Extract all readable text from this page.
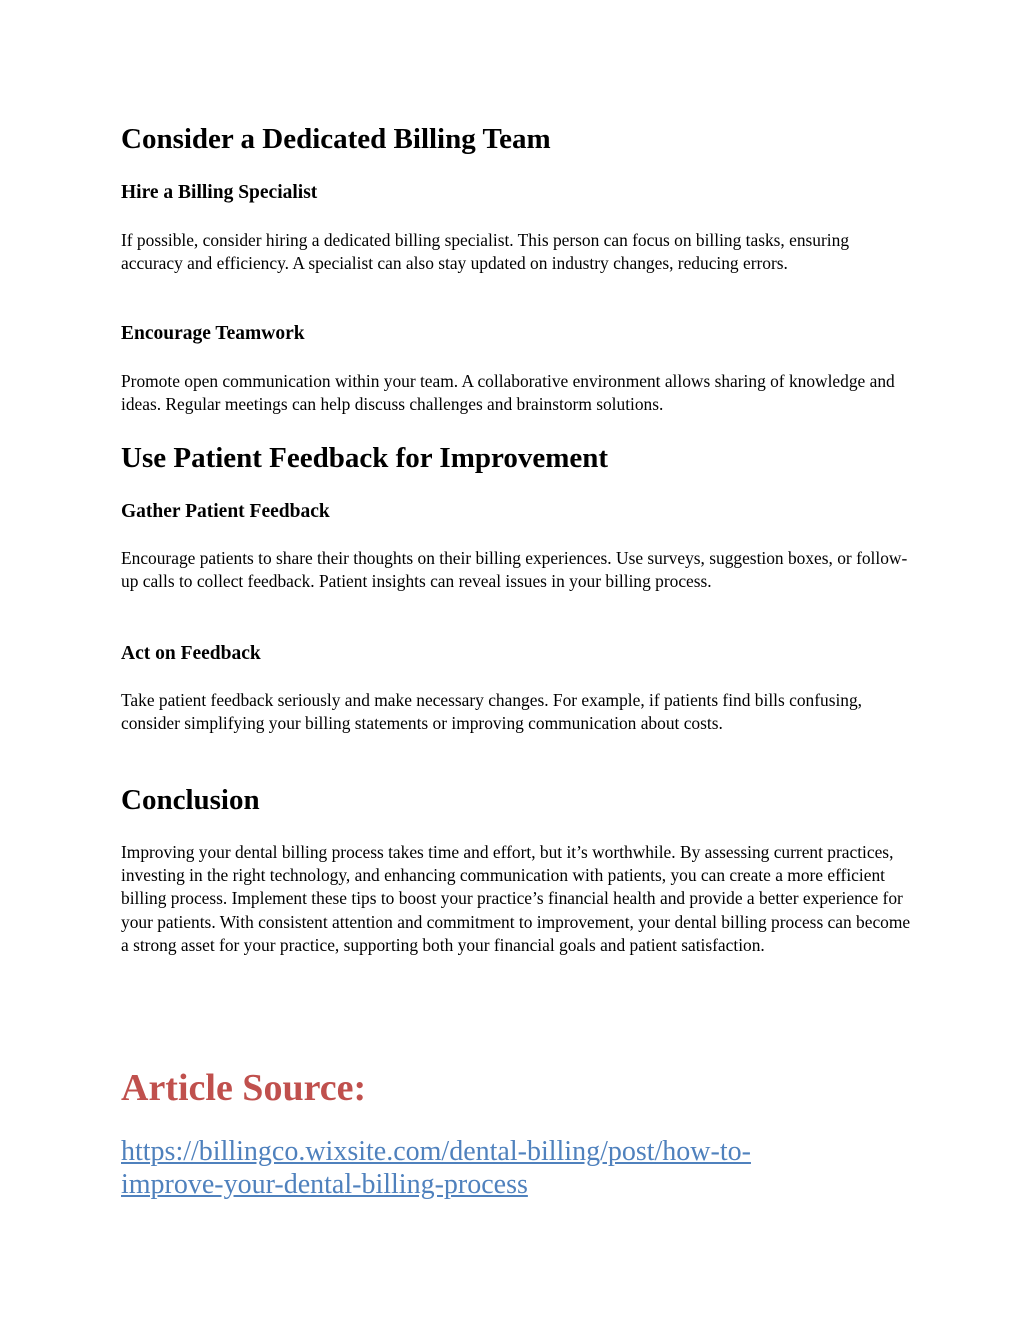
Consider a Dedicated Billing Team
Hire a Billing Specialist

If possible, consider hiring a dedicated billing specialist. This person can focus on billing tasks, ensuring accuracy and efficiency. A specialist can also stay updated on industry changes, reducing errors.

Encourage Teamwork

Promote open communication within your team. A collaborative environment allows sharing of knowledge and ideas. Regular meetings can help discuss challenges and brainstorm solutions.

Use Patient Feedback for Improvement
Gather Patient Feedback

Encourage patients to share their thoughts on their billing experiences. Use surveys, suggestion boxes, or follow-up calls to collect feedback. Patient insights can reveal issues in your billing process.

Act on Feedback

Take patient feedback seriously and make necessary changes. For example, if patients find bills confusing, consider simplifying your billing statements or improving communication about costs.

Conclusion

Improving your dental billing process takes time and effort, but it’s worthwhile. By assessing current practices, investing in the right technology, and enhancing communication with patients, you can create a more efficient billing process. Implement these tips to boost your practice’s financial health and provide a better experience for your patients. With consistent attention and commitment to improvement, your dental billing process can become a strong asset for your practice, supporting both your financial goals and patient satisfaction.

Article Source:
https://billingco.wixsite.com/dental-billing/post/how-to-
improve-your-dental-billing-process
